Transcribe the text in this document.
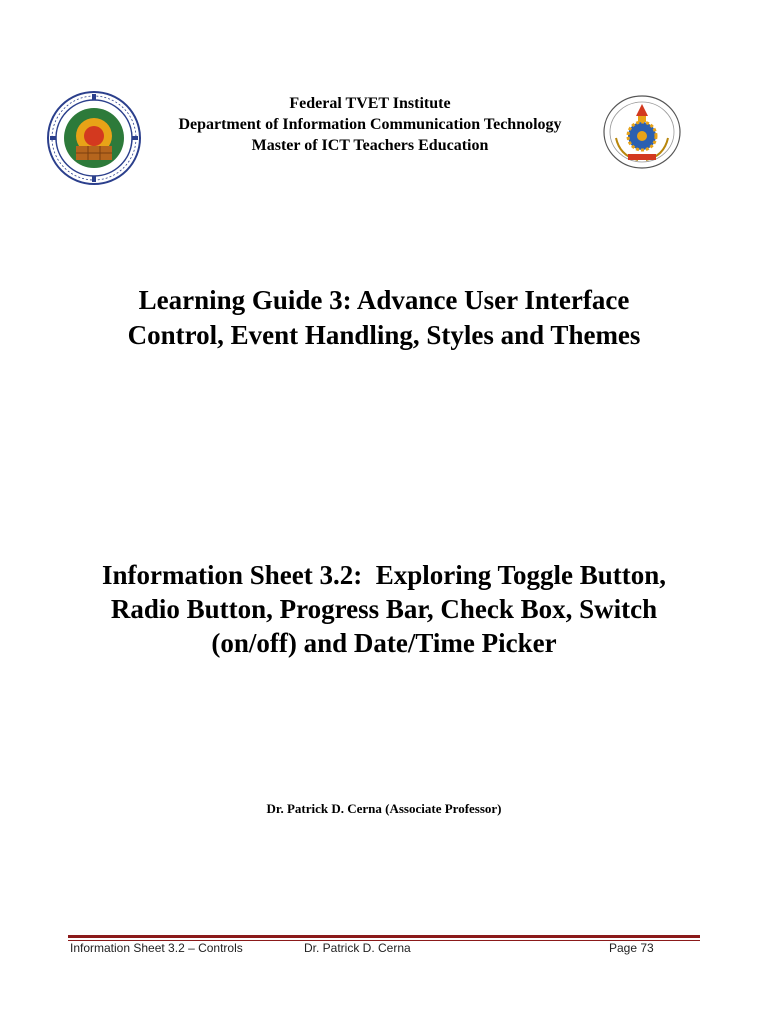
Federal TVET Institute
Department of Information Communication Technology
Master of ICT Teachers Education
Learning Guide 3: Advance User Interface
Control, Event Handling, Styles and Themes
Information Sheet 3.2:  Exploring Toggle Button,
Radio Button, Progress Bar, Check Box, Switch
(on/off) and Date/Time Picker
Dr. Patrick D. Cerna (Associate Professor)
Information Sheet 3.2 – Controls	Dr. Patrick D. Cerna	Page 73
